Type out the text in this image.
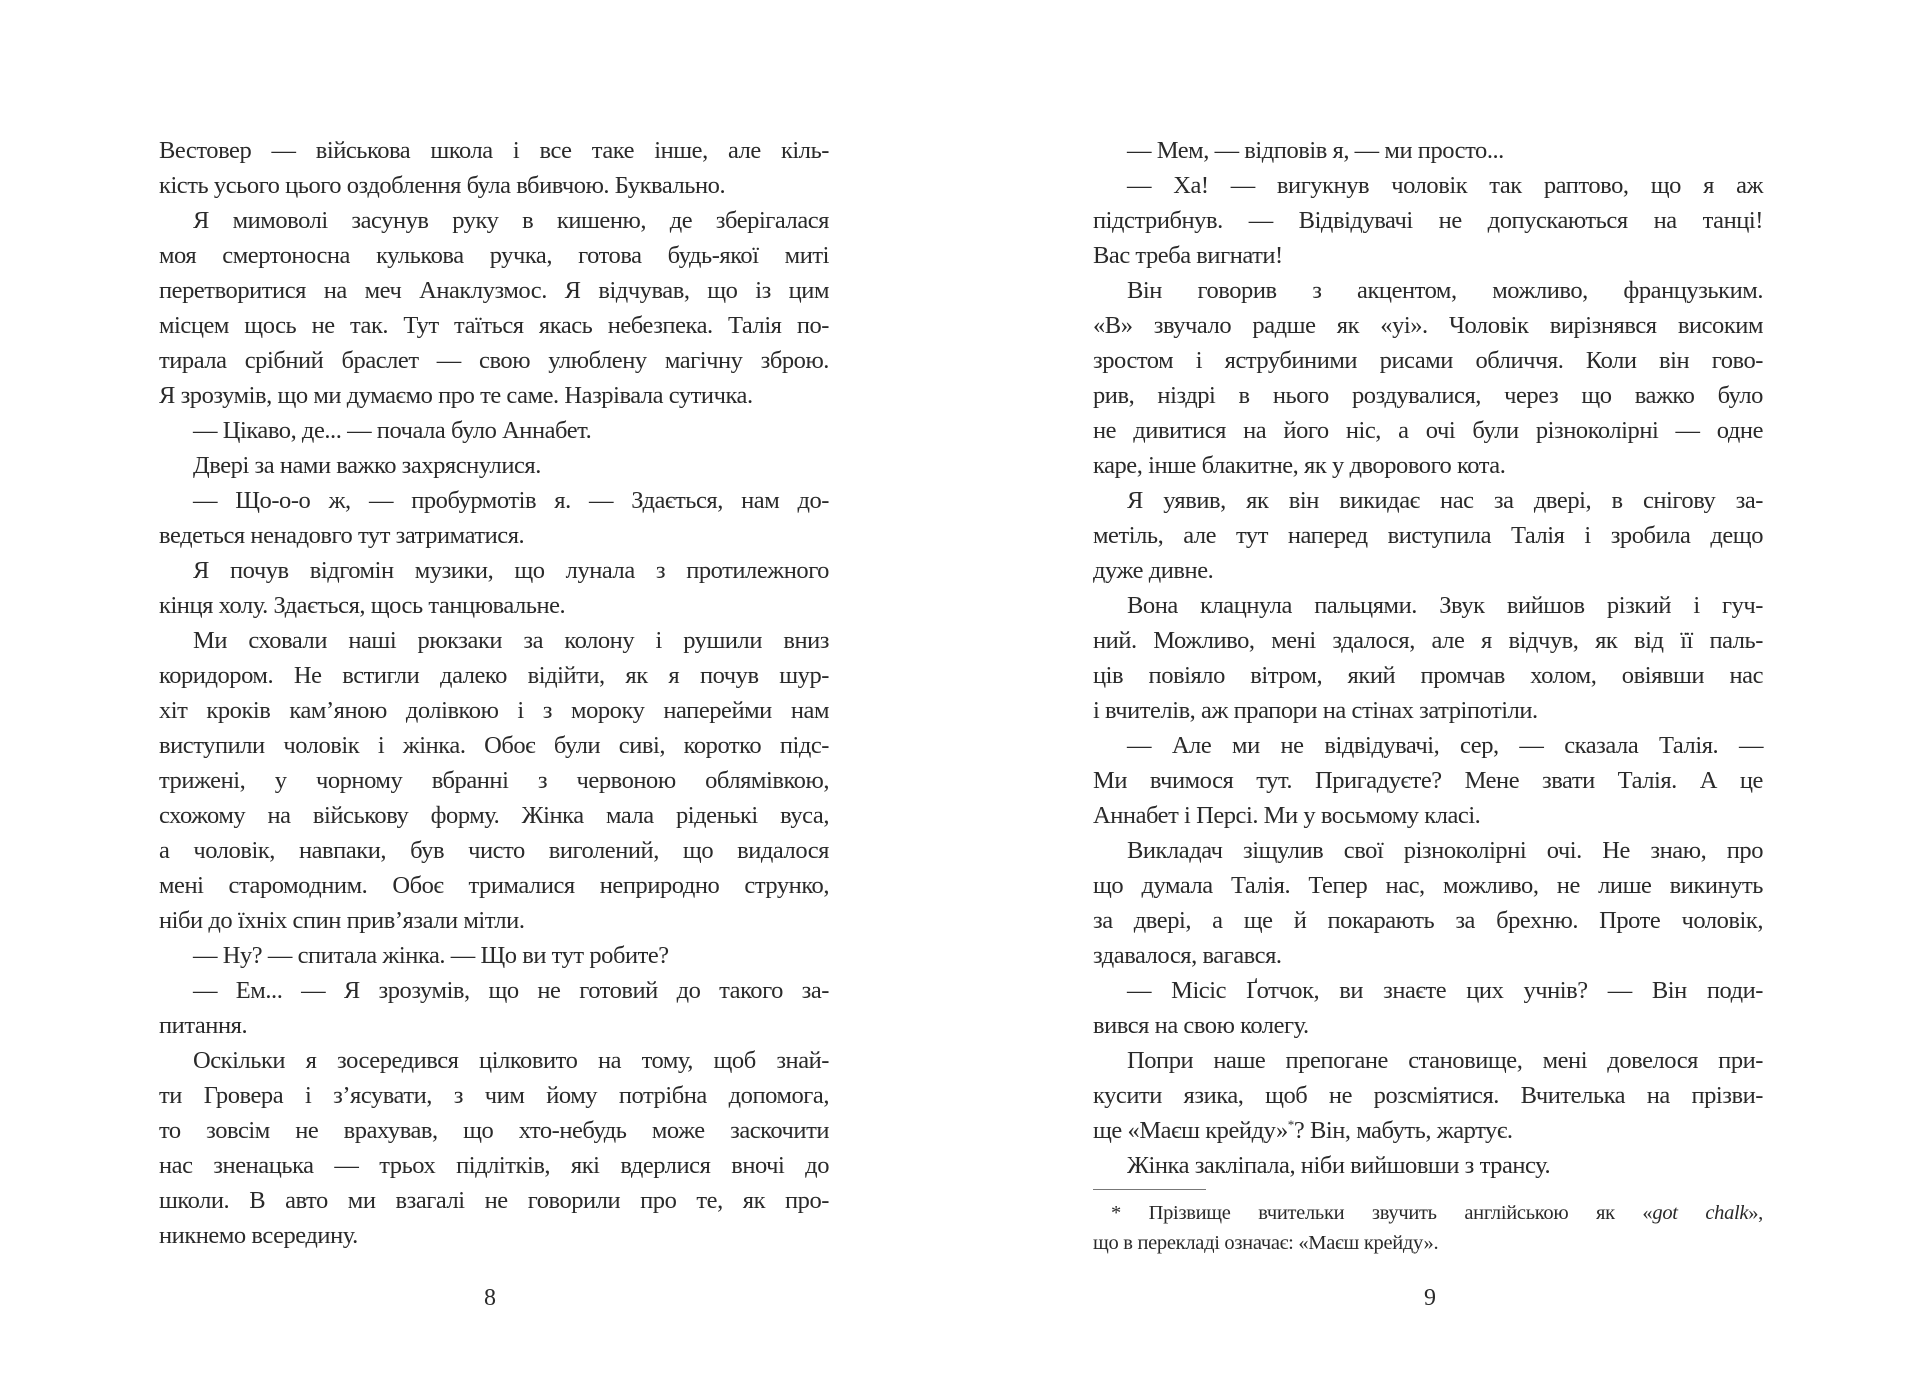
Вестовер — військова школа і все таке інше, але кіль-
кість усього цього оздоблення була вбивчою. Буквально.
Я мимоволі засунув руку в кишеню, де зберігалася
моя смертоносна кулькова ручка, готова будь-якої миті
перетворитися на меч Анаклузмос. Я відчував, що із цим
місцем щось не так. Тут таїться якась небезпека. Талія по-
тирала срібний браслет — свою улюблену магічну зброю.
Я зрозумів, що ми думаємо про те саме. Назрівала сутичка.
— Цікаво, де... — почала було Аннабет.
Двері за нами важко захряснулися.
— Що-о-о ж, — пробурмотів я. — Здається, нам до-
ведеться ненадовго тут затриматися.
Я почув відгомін музики, що лунала з протилежного
кінця холу. Здається, щось танцювальне.
Ми сховали наші рюкзаки за колону і рушили вниз
коридором. Не встигли далеко відійти, як я почув шур-
хіт кроків кам’яною долівкою і з мороку наперейми нам
виступили чоловік і жінка. Обоє були сиві, коротко підс-
трижені, у чорному вбранні з червоною облямівкою,
схожому на військову форму. Жінка мала ріденькі вуса,
а чоловік, навпаки, був чисто виголений, що видалося
мені старомодним. Обоє трималися неприродно струнко,
ніби до їхніх спин прив’язали мітли.
— Ну? — спитала жінка. — Що ви тут робите?
— Ем... — Я зрозумів, що не готовий до такого за-
питання.
Оскільки я зосередився цілковито на тому, щоб знай-
ти Гровера і з’ясувати, з чим йому потрібна допомога,
то зовсім не врахував, що хто-небудь може заскочити
нас зненацька — трьох підлітків, які вдерлися вночі до
школи. В авто ми взагалі не говорили про те, як про-
никнемо всередину.
— Мем, — відповів я, — ми просто...
— Ха! — вигукнув чоловік так раптово, що я аж
підстрибнув. — Відвідувачі не допускаються на танці!
Вас треба вигнати!
Він говорив з акцентом, можливо, французьким.
«В» звучало радше як «уі». Чоловік вирізнявся високим
зростом і яструбиними рисами обличчя. Коли він гово-
рив, ніздрі в нього роздувалися, через що важко було
не дивитися на його ніс, а очі були різноколірні — одне
каре, інше блакитне, як у дворового кота.
Я уявив, як він викидає нас за двері, в снігову за-
метіль, але тут наперед виступила Талія і зробила дещо
дуже дивне.
Вона клацнула пальцями. Звук вийшов різкий і гуч-
ний. Можливо, мені здалося, але я відчув, як від її паль-
ців повіяло вітром, який промчав холом, овіявши нас
і вчителів, аж прапори на стінах затріпотіли.
— Але ми не відвідувачі, сер, — сказала Талія. —
Ми вчимося тут. Пригадуєте? Мене звати Талія. А це
Аннабет і Персі. Ми у восьмому класі.
Викладач зіщулив свої різноколірні очі. Не знаю, про
що думала Талія. Тепер нас, можливо, не лише викинуть
за двері, а ще й покарають за брехню. Проте чоловік,
здавалося, вагався.
— Місіс Ґотчок, ви знаєте цих учнів? — Він поди-
вився на свою колегу.
Попри наше препогане становище, мені довелося при-
кусити язика, щоб не розсміятися. Вчителька на прізви-
ще «Маєш крейду»*? Він, мабуть, жартує.
Жінка закліпала, ніби вийшовши з трансу.
* Прізвище вчительки звучить англійською як «got chalk»,
що в перекладі означає: «Маєш крейду».
8	9
